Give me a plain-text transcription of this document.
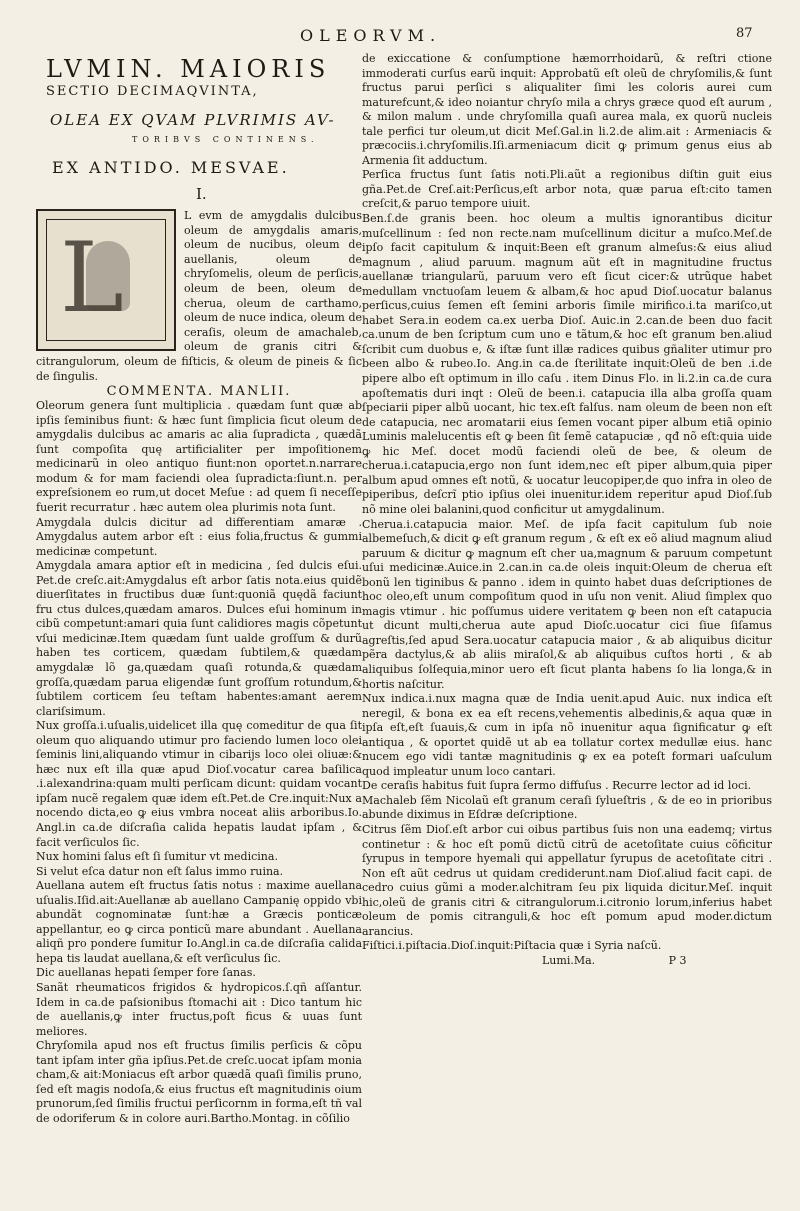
OLEORVM.	87
LVMIN. MAIORIS
SECTIO DECIMAQVINTA,
OLEA EX QVAM PLVRIMIS AV-
TORIBVS CONTINENS.
EX ANTIDO. MESVAE.
I.
L

L evm de amygdalis dulcibus oleum de amygdalis amaris, oleum de nucibus, oleum de auellanis, oleum de chryſomelis, oleum de perſicis, oleum de been, oleum de cheruа, oleum de carthamo, oleum de nuce indica, oleum de ceraſis, oleum de amachaleb, oleum de granis citri & citrangulorum, oleum de fiſticis, & oleum de pineis & ſic de ſingulis.

COMMENTA. MANLII.

Oleorum genera ſunt multiplicia . quædam ſunt quæ ab ipſis ſeminibus fiunt: & hæc ſunt ſimplicia ſicut oleum de amygdalis dulcibus ac amaris ac alia ſupradicta , quædã ſunt compoſita quę artificialiter per impoſitionem medicinarũ in oleo antiquo fiunt:non oportet.n.narrare modum & for mam faciendi olea ſupradicta:ſiunt.n. per expreſsionem eo rum,ut docet Meſue : ad quem ſi neceſſe fuerit recurratur . hæc autem olea plurimis nota ſunt.

Amygdala dulcis dicitur ad differentiam amaræ . Amygdalus autem arbor eſt : eius folia,fructus & gummi medicinæ competunt.

Amygdala amara aptior eſt in medicina , ſed dulcis eſui. Pet.de creſc.ait:Amygdalus eſt arbor ſatis nota.eius quidẽ diuerſitates in fructibus duæ ſunt:quoniã quędã faciunt fru ctus dulces,quædam amaros. Dulces eſui hominum in cibũ competunt:amari quia ſunt calidiores magis cõpetunt vſui medicinæ.Item quædam ſunt ualde groſſum & durũ haben tes corticem, quædam ſubtilem,& quædam amygdalæ lõ ga,quædam quaſi rotunda,& quædam groſſa,quædam parua eligendæ ſunt groſſum rotundum,& ſubtilem corticem ſeu teſtam habentes:amant aerem clariſsimum.

Nux groſſa.i.uſualis,uidelicet illa quę comeditur de qua ſit oleum quo aliquando utimur pro faciendo lumen loco olei ſeminis lini,aliquando vtimur in cibarijs loco olei oliuæ:& hæc nux eſt illa quæ apud Dioſ.vocatur carea baſilica .i.alexandrina:quam multi perſicam dicunt: quidam vocant ipſam nucẽ regalem quæ idem eſt.Pet.de Cre.inquit:Nux a nocendo dicta,eo ꝙ eius vmbra noceat aliis arboribus.Io. Angl.in ca.de diſcraſia calida hepatis laudat ipſam , & facit verſiculos ſic.

Nux homini ſalus eſt ſi ſumitur vt medicina.

Si velut eſca datur non eſt ſalus immo ruina.

Auellana autem eſt fructus ſatis notus : maxime auellana uſualis.Iſid.ait:Auellanæ ab auellano Campanię oppido vbi abundãt cognominatæ ſunt:hæ a Græcis ponticæ appellantur, eo ꝙ circa ponticũ mare abundant . Auellana aliqñ pro pondere ſumitur Io.Angl.in ca.de diſcraſia calida hepa tis laudat auellana,& eſt verſiculus ſic.

Dic auellanas hepati ſemper fore ſanas.

Sanãt rheumaticos frigidos & hydropicos.ſ.qñ aſſantur. Idem in ca.de paſsionibus ſtomachi ait : Dico tantum hic de auellanis,ꝙ inter fructus,poſt ficus & uuas ſunt meliores.

Chryſomila apud nos eſt fructus ſimilis perſicis & cõpu tant ipſam inter gña ipſius.Pet.de creſc.uocat ipſam monia cham,& ait:Moniacus eſt arbor quædã quaſi ſimilis pruno, ſed eſt magis nodoſa,& eius fructus eſt magnitudinis oium prunorum,ſed ſimilis fructui perſicornm in forma,eſt tñ val de odoriferum & in colore auri.Bartho.Montag. in cõſilio

de exiccatione & conſumptione hæmorrhoidarũ, & reſtri ctione immoderati curſus earũ inquit: Approbatũ eſt oleũ de chryſomilis,& ſunt fructus parui perſici s aliqualiter ſimi les coloris aurei cum maturefcunt,& ideo noiantur chryſo mila a chrys græce quod eſt aurum , & milon malum . unde chryſomilla quaſi aurea mala, ex quorũ nucleis tale perfici tur oleum,ut dicit Meſ.Gal.in li.2.de alim.ait : Armeniacis & præcociis.i.chryſomilis.Iſi.armeniacum dicit ꝙ primum genus eius ab Armenia ſit adductum.

Perſica fructus ſunt ſatis noti.Pli.aũt a regionibus diſtin guit eius gña.Pet.de Creſ.ait:Perſicus,eſt arbor nota, quæ parua eſt:cito tamen creſcit,& paruo tempore uiuit.

Ben.ſ.de granis been. hoc oleum a multis ignorantibus dicitur muſcellinum : ſed non recte.nam muſcellinum dicitur a muſco.Meſ.de ipſo facit capitulum & inquit:Been eſt granum almeſus:& eius aliud magnum , aliud paruum. magnum aũt eſt in magnitudine fructus auellanæ triangularũ, paruum vero eſt ſicut cicer:& utrũque habet medullam vnctuoſam leuem & albam,& hoc apud Dioſ.uocatur balanus perſicus,cuius ſemen eſt ſemini arboris ſimile mirifico.i.ta mariſco,ut habet Sera.in eodem ca.ex uerba Dioſ. Auic.in 2.can.de been duo facit ca.unum de ben ſcriptum cum uno e tãtum,& hoc eſt granum ben.aliud ſcribit cum duobus e, & iſtæ ſunt illæ radices quibus gñaliter utimur pro been albo & rubeo.Io. Ang.in ca.de ſterilitate inquit:Oleũ de ben .i.de pipere albo eſt optimum in illo caſu . item Dinus Flo. in li.2.in ca.de cura apoſtematis duri inqt : Oleũ de been.i. catapucia illa alba groſſa quam ſpeciarii piper albũ uocant, hic tex.eſt falſus. nam oleum de been non eſt de catapucia, nec aromatarii eius ſemen vocant piper album etiã opinio Luminis malelucentis eſt ꝙ been ſit ſemẽ catapuciæ , qđ nõ eſt:quia uide ꝙ hic Meſ. docet modũ faciendi oleũ de bee, & oleum de cherua.i.catapucia,ergo non ſunt idem,nec eſt piper album,quia piper album apud omnes eſt notũ, & uocatur leucopiper,de quo infra in oleo de piperibus, deſcrĩ ptio ipſius olei inuenitur.idem reperitur apud Dioſ.ſub nõ mine olei balanini,quod conficitur ut amygdalinum.

Cherua.i.catapucia maior. Meſ. de ipſa facit capitulum ſub noie albemeſuch,& dicit ꝙ eſt granum regum , & eſt ex eõ aliud magnum aliud paruum & dicitur ꝙ magnum eſt cher ua,magnum & paruum competunt uſui medicinæ.Auice.in 2.can.in ca.de oleis inquit:Oleum de cherua eſt bonũ len tiginibus & panno . idem in quinto habet duas deſcriptiones de hoc oleo,eſt unum compoſitum quod in uſu non venit. Aliud ſimplex quo magis vtimur . hic poſſumus uidere veritatem ꝙ been non eſt catapucia ut dicunt multi,cherua aute apud Dioſc.uocatur cici ſiue ſiſamus agreſtis,ſed apud Sera.uocatur catapucia maior , & ab aliquibus dicitur pẽra dactylus,& ab aliis miraſol,& ab aliquibus cuſtos horti , & ab aliquibus ſolſequia,minor uero eſt ſicut planta habens ſo lia longa,& in hortis naſcitur.

Nux indica.i.nux magna quæ de India uenit.apud Auic. nux indica eſt neregil, & bona ex ea eſt recens,vehementis albedinis,& aqua quæ in ipſa eſt,eſt ſuauis,& cum in ipſa nõ inuenitur aqua ſignificatur ꝙ eſt antiqua , & oportet quidẽ ut ab ea tollatur cortex medullæ eius. hanc nucem ego vidi tantæ magnitudinis ꝙ ex ea poteſt formari uaſculum quod impleatur unum loco cantari.

De ceraſis habitus fuit ſupra ſermo diffuſus . Recurre lector ad id loci.

Machaleb ſẽm Nicolaũ eſt granum ceraſi ſylueſtris , & de eo in prioribus abunde diximus in Eſdræ deſcriptione.

Citrus ſẽm Dioſ.eſt arbor cui oibus partibus ſuis non una eademq; virtus continetur : & hoc eſt pomũ dictũ citrũ de acetoſitate cuius cõficitur ſyrupus in tempore hyemali qui appellatur ſyrupus de acetoſitate citri . Non eſt aũt cedrus ut quidam crediderunt.nam Dioſ.aliud facit capi. de cedro cuius gũmi a moder.alchitram ſeu pix liquida dicitur.Meſ. inquit hic,oleũ de granis citri & citrangulorum.i.citronio lorum,inferius habet oleum de pomis citranguli,& hoc eſt pomum apud moder.dictum arancius.

Fiſtici.i.piſtacia.Dioſ.inquit:Piſtacia quæ i Syria naſcũ.

Lumi.Ma.	P 3
